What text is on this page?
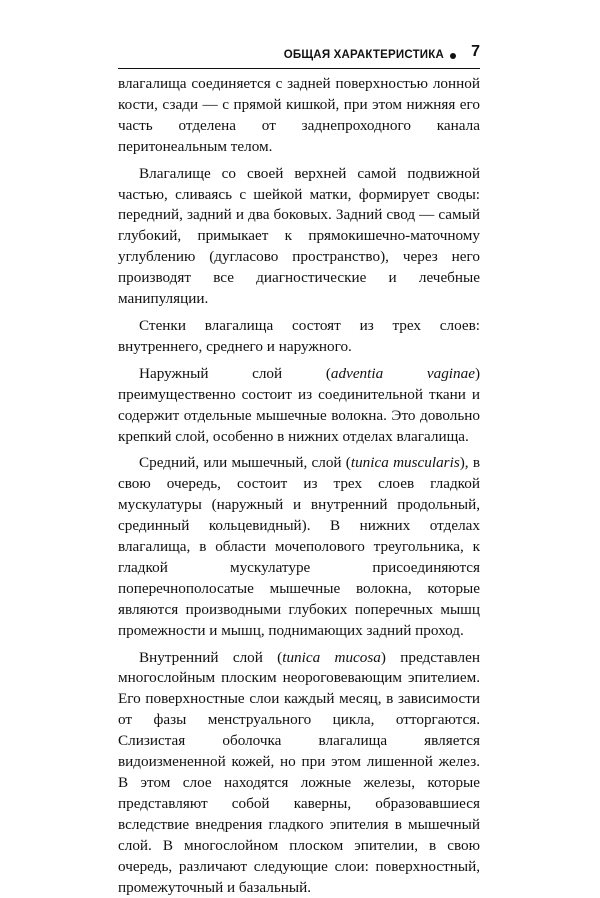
ОБЩАЯ ХАРАКТЕРИСТИКА 7

влагалища соединяется с задней поверхностью лонной кости, сзади — с прямой кишкой, при этом нижняя его часть отделена от заднепроходного канала перитонеальным телом.

Влагалище со своей верхней самой подвижной частью, сливаясь с шейкой матки, формирует своды: передний, задний и два боковых. Задний свод — самый глубокий, примыкает к прямокишечно-маточному углублению (дугласово пространство), через него производят все диагностические и лечебные манипуляции.

Стенки влагалища состоят из трех слоев: внутреннего, среднего и наружного.

Наружный слой (adventia vaginae) преимущественно состоит из соединительной ткани и содержит отдельные мышечные волокна. Это довольно крепкий слой, особенно в нижних отделах влагалища.

Средний, или мышечный, слой (tunica muscularis), в свою очередь, состоит из трех слоев гладкой мускулатуры (наружный и внутренний продольный, срединный кольцевидный). В нижних отделах влагалища, в области мочеполового треугольника, к гладкой мускулатуре присоединяются поперечнополосатые мышечные волокна, которые являются производными глубоких поперечных мышц промежности и мышц, поднимающих задний проход.

Внутренний слой (tunica mucosa) представлен многослойным плоским неороговевающим эпителием. Его поверхностные слои каждый месяц, в зависимости от фазы менструального цикла, отторгаются. Слизистая оболочка влагалища является видоизмененной кожей, но при этом лишенной желез. В этом слое находятся ложные железы, которые представляют собой каверны, образовавшиеся вследствие внедрения гладкого эпителия в мышечный слой. В многослойном плоском эпителии, в свою очередь, различают следующие слои: поверхностный, промежуточный и базальный.
